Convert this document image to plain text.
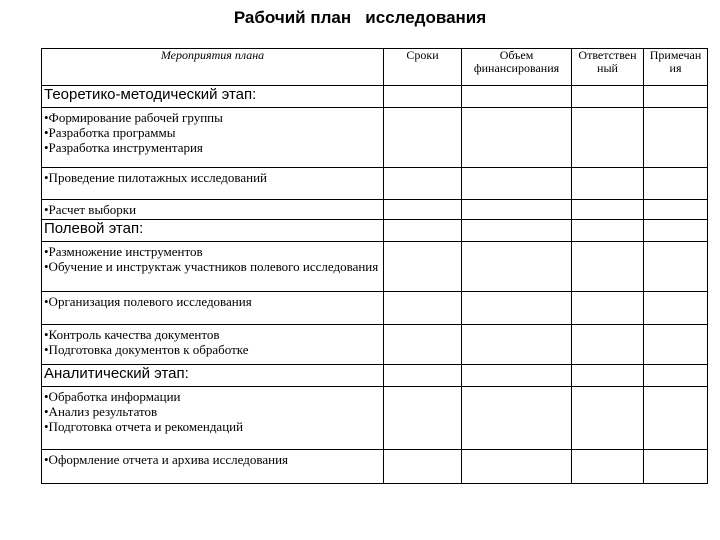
Рабочий план   исследования
Мероприятия плана	Сроки	Объем финансирования	Ответствен ный	Примечан ия
Теоретико-методический этап:				

•Формирование рабочей группы
•Разработка программы
•Разработка инструментария				

•Проведение пилотажных исследований				

•Расчет выборки				

Полевой этап:				

•Размножение инструментов
•Обучение и инструктаж участников полевого исследования				

•Организация полевого исследования				

•Контроль качества документов
•Подготовка документов к обработке				

Аналитический этап:				

•Обработка информации
•Анализ результатов
•Подготовка отчета и рекомендаций				

•Оформление отчета и архива исследования				
